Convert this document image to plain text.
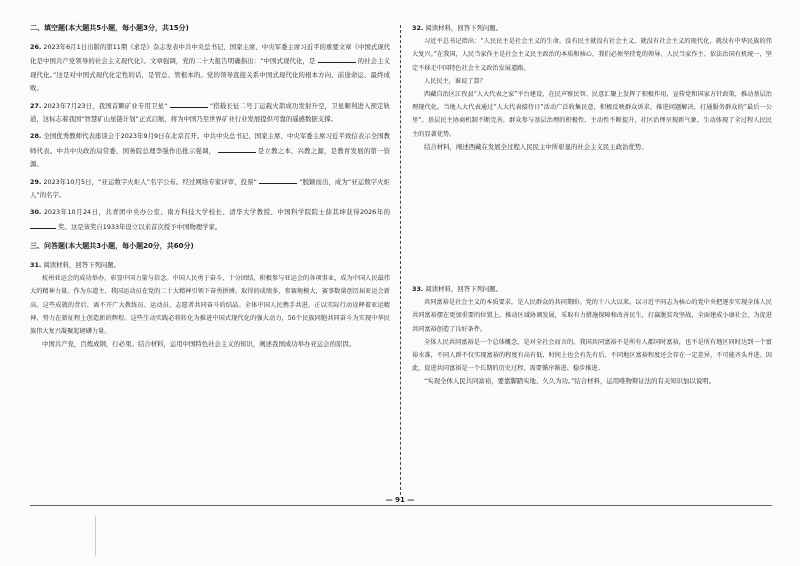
二、填空题(本大题共5小题，每小题3分，共15分)
26. 2023年6月1日出版的第11期《求是》杂志发表中共中央总书记、国家主席、中央军委主席习近平的重要文章《中国式现代化是中国共产党领导的社会主义现代化》。文章强调，党的二十大报告明确指出：“中国式现代化，是	的社会主义现代化。”这是对中国式现代化定性的话，是管总、管根本的。党的领导直接关系中国式现代化的根本方向、前途命运、最终成败。
27. 2023年7月23日，我国首颗矿业专用卫星“	”搭载长征二号丁运载火箭成功发射升空，卫星顺利进入预定轨道，这标志着我国“智慧矿山星链计划”正式启航，将为中国乃至世界矿业行业发展提供可靠的遥感数据支撑。
28. 全国优秀教师代表座谈会于2023年9月9日在北京召开。中共中央总书记、国家主席、中央军委主席习近平致信表示全国教师代表。中共中央政治局常委、国务院总理李强作出批示强调，	是立教之本、兴教之源，是教育发展的第一资源。
29. 2023年10月5日，“亚运数字火炬人”名字公布。经过网络专家评审、投票“	”脱颖而出，成为“亚运数字火炬人”的名字。
30. 2023年10月24日，共青团中央办公室、南方科技大学校长、清华大学教授、中国科学院院士薛其坤获得2026年的  奖。这是该奖自1933年设立以来首次授予中国物理学家。
三、问答题(本大题共3小题，每小题20分，共60分)

31. 阅读材料，回答下列问题。

杭州亚运会的成功举办，彰显中国力量与信念。中国人民勇于奋斗、十分团结，积极参与亚运会的各项事业，成为中国人民最伟大的精神力量。作为东道主，我国运动员在党的二十大精神引领下奋勇拼搏，取得的成绩多，参赛规模大，赛事数量创历届亚运会新高。这些成就的背后，离不开广大教练员、运动员、志愿者共同奋斗的结晶。全体中国人民携手共进，正以实际行动诠释着亚运精神，努力在新征程上创造新的辉煌。这些生动实践必将转化为推进中国式现代化的强大动力，56个民族同胞共同奋斗为实现中华民族伟大复兴凝聚起磅礴力量。

中国共产党，百炼成钢，行必果。结合材料，运用中国特色社会主义的知识，阐述我国成功举办亚运会的原因。

32. 阅读材料，回答下列问题。

习近平总书记指出：“人民民主是社会主义的生命。没有民主就没有社会主义，就没有社会主义的现代化，就没有中华民族的伟大复兴。”在我国，人民当家作主是社会主义民主政治的本质和核心，我们必须坚持党的领导、人民当家作主、依法治国有机统一，坚定不移走中国特色社会主义政治发展道路。

人民民主，谁说了算？

西藏自治区江孜县“人大代表之家”平台建设，在民声察民智、民意汇聚上发挥了积极作用，宣传党和国家方针政策，推动基层治理现代化。当地人大代表通过“人大代表接待日”活动广泛收集民意，积极反映群众诉求，推进问题解决，打通服务群众的“最后一公里”。基层民主协商机制不断完善，群众参与基层治理的积极性、主动性不断提升，社区治理呈现新气象，生动体现了全过程人民民主的显著优势。

结合材料，阐述西藏在发展全过程人民民主中所彰显的社会主义民主政治优势。

33. 阅读材料，回答下列问题。

共同富裕是社会主义的本质要求，是人民群众的共同期盼。党的十八大以来，以习近平同志为核心的党中央把逐步实现全体人民共同富裕摆在更加重要的位置上，推动区域协调发展，采取有力措施保障和改善民生，打赢脱贫攻坚战，全面建成小康社会，为促进共同富裕创造了良好条件。

全体人民共同富裕是一个总体概念，是对全社会而言的。我国共同富裕不是所有人都同时富裕，也不是所有地区同时达到一个富裕水准，不同人群不仅实现富裕的程度有高有低，时间上也会有先有后，不同地区富裕程度还会存在一定差异，不可能齐头并进。因此，促进共同富裕是一个长期的历史过程，需要循序渐进、稳步推进。

“实现全体人民共同富裕，要靠脚踏实地、久久为功。”结合材料，运用唯物辩证法的有关知识加以说明。

— 91 —
